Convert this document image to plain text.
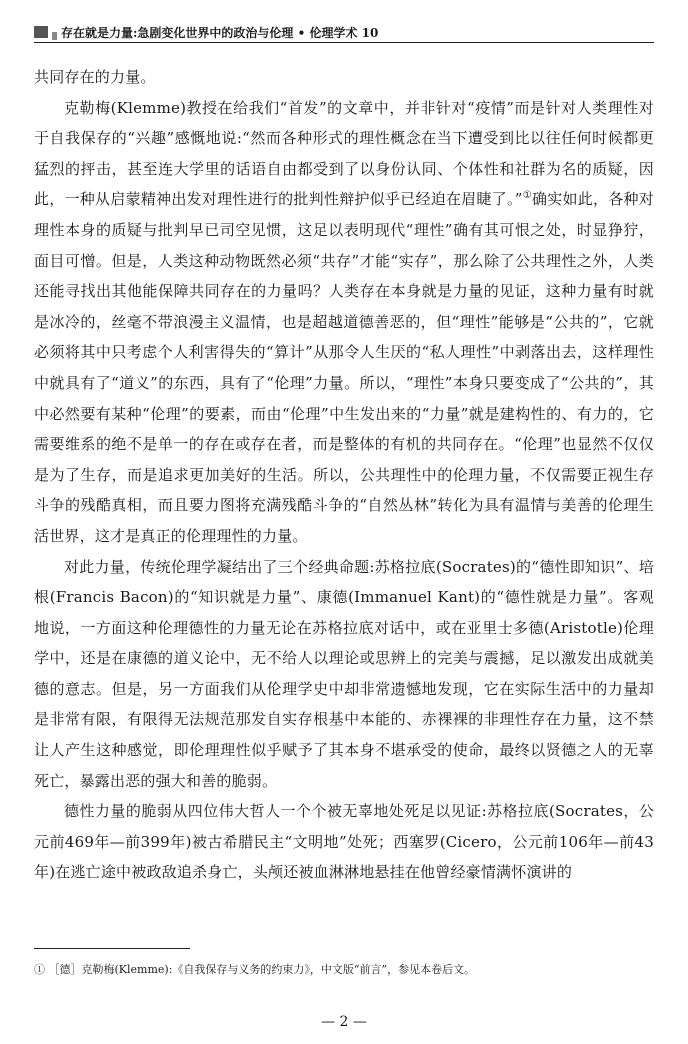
存在就是力量:急剧变化世界中的政治与伦理 • 伦理学术 10

共同存在的力量。

克勒梅(Klemme)教授在给我们“首发”的文章中，并非针对“疫情”而是针对人类理性对于自我保存的“兴趣”感慨地说:“然而各种形式的理性概念在当下遭受到比以往任何时候都更猛烈的抨击，甚至连大学里的话语自由都受到了以身份认同、个体性和社群为名的质疑，因此，一种从启蒙精神出发对理性进行的批判性辩护似乎已经迫在眉睫了。”①确实如此，各种对理性本身的质疑与批判早已司空见惯，这足以表明现代“理性”确有其可恨之处，时显狰狞，面目可憎。但是，人类这种动物既然必须“共存”才能“实存”，那么除了公共理性之外，人类还能寻找出其他能保障共同存在的力量吗？人类存在本身就是力量的见证，这种力量有时就是冰冷的，丝毫不带浪漫主义温情，也是超越道德善恶的，但“理性”能够是“公共的”，它就必须将其中只考虑个人利害得失的“算计”从那令人生厌的“私人理性”中剥落出去，这样理性中就具有了“道义”的东西，具有了“伦理”力量。所以，“理性”本身只要变成了“公共的”，其中必然要有某种“伦理”的要素，而由“伦理”中生发出来的“力量”就是建构性的、有力的，它需要维系的绝不是单一的存在或存在者，而是整体的有机的共同存在。“伦理”也显然不仅仅是为了生存，而是追求更加美好的生活。所以，公共理性中的伦理力量，不仅需要正视生存斗争的残酷真相，而且要力图将充满残酷斗争的“自然丛林”转化为具有温情与美善的伦理生活世界，这才是真正的伦理理性的力量。

对此力量，传统伦理学凝结出了三个经典命题:苏格拉底(Socrates)的“德性即知识”、培根(Francis Bacon)的“知识就是力量”、康德(Immanuel Kant)的“德性就是力量”。客观地说，一方面这种伦理德性的力量无论在苏格拉底对话中，或在亚里士多德(Aristotle)伦理学中，还是在康德的道义论中，无不给人以理论或思辨上的完美与震撼，足以激发出成就美德的意志。但是，另一方面我们从伦理学史中却非常遗憾地发现，它在实际生活中的力量却是非常有限，有限得无法规范那发自实存根基中本能的、赤裸裸的非理性存在力量，这不禁让人产生这种感觉，即伦理理性似乎赋予了其本身不堪承受的使命，最终以贤德之人的无辜死亡，暴露出恶的强大和善的脆弱。

德性力量的脆弱从四位伟大哲人一个个被无辜地处死足以见证:苏格拉底(Socrates，公元前469年—前399年)被古希腊民主“文明地”处死；西塞罗(Cicero，公元前106年—前43年)在逃亡途中被政敌追杀身亡，头颅还被血淋淋地悬挂在他曾经豪情满怀演讲的

① ［德］克勒梅(Klemme):《自我保存与义务的约束力》，中文版“前言”，参见本卷后文。
— 2 —
